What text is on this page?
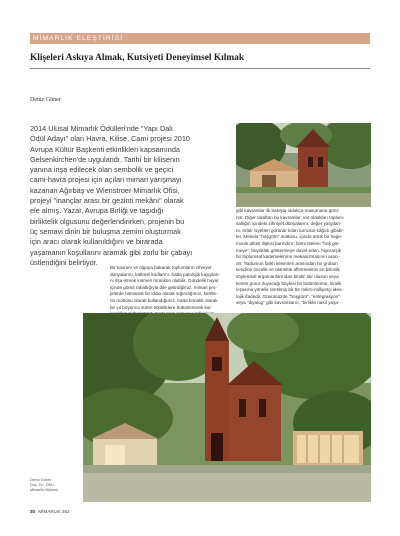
MİMARLIK ELEŞTİRİSİ
Klişeleri Askıya Almak, Kutsiyeti Deneyimsel Kılmak
Deniz Güner
2014 Ulusal Mimarlık Ödülleri'nde "Yapı Dalı
Ödül Adayı" olan Havra, Kilise, Cami projesi 2010
Avrupa Kültür Başkenti etkinlikleri kapsamında
Gelsenkirchen'de uygulandı. Tarihî bir kilisenin
yanına inşa edilecek olan sembolik ve geçici
cami-havra projesi için açılan mimari yarışmayı
kazanan Ağırbaş ve Wienstroer Mimarlık Ofisi,
projeyi "inançlar arası bir gezinti mekânı" olarak
ele almış. Yazar, Avrupa Birliği ve taşıdığı
birliktelik olgusunu değerlendirirken, projenin bu
üç semavi dinin bir buluşma zemini oluşturmak
için aracı olarak kullanıldığını ve birarada
yaşamanın koşullarını aramak gibi zorlu bir çabayı
üstlendiğini belirtiyor.
Bir kavram ve olguya bakarak toplumların zihniyet
dünyalarını, kültürel kodlarını, hatta patolojik kaygıları-
nı ifşa etmek kısmen mümkün olabilir. Gündelik hayat
içinde gönül rahatlığıyla dile getirdiğimiz, mimari pro-
jelerde hümanist bir iddia olarak sığındığımız, kentle-
rin mottosu olarak kullandığımız, hatta tematik olarak
bir yıl boyunca süren etkinliklere bütünlenerek kul-
gibi kavramlar ilk bakışta oldukça masumane görü-
nür. Diğer taraftan bu kavramlar, var oldukları toplum-
sallığın içindeki zihniyet dünyalarını, değer yargıları-
nı, örtük niyetleri görünür kılan turnusol kâğıdı gibidir-
ler. Mesela "hoşgörü" mottosu, içinde örtük bir hege-
monik altüst ilişkisi barındırır, birini öteleni "hoş gör-
meye", büyüklük göstermeye davet eden, hiyerarşik
bir toplumsal kademelenme mekanizmasının aracı-
dır. Toplumun farklı kesimleri arasından bir grubun
kendine öncelik ve üstünlük affetmesinin en bilindik
söylemsel argümanlarından biridir. Bir ulusun veya
kentin gurur duyacağı böylesi bir bütünlenme, kimlik
inşasına yönelik üretilmiş bir tür mikro-milliyetçi ideo-
lojik ifadedir. Günümüzde "hoşgörü", "entegrasyon"
veya "diyalog" gibi kavramların, "birlikte nasıl yaşa-
Deniz Güner
Doç. Dr., DEÜ
Mimarlık Bölümü
30 MİMARLIK 362
